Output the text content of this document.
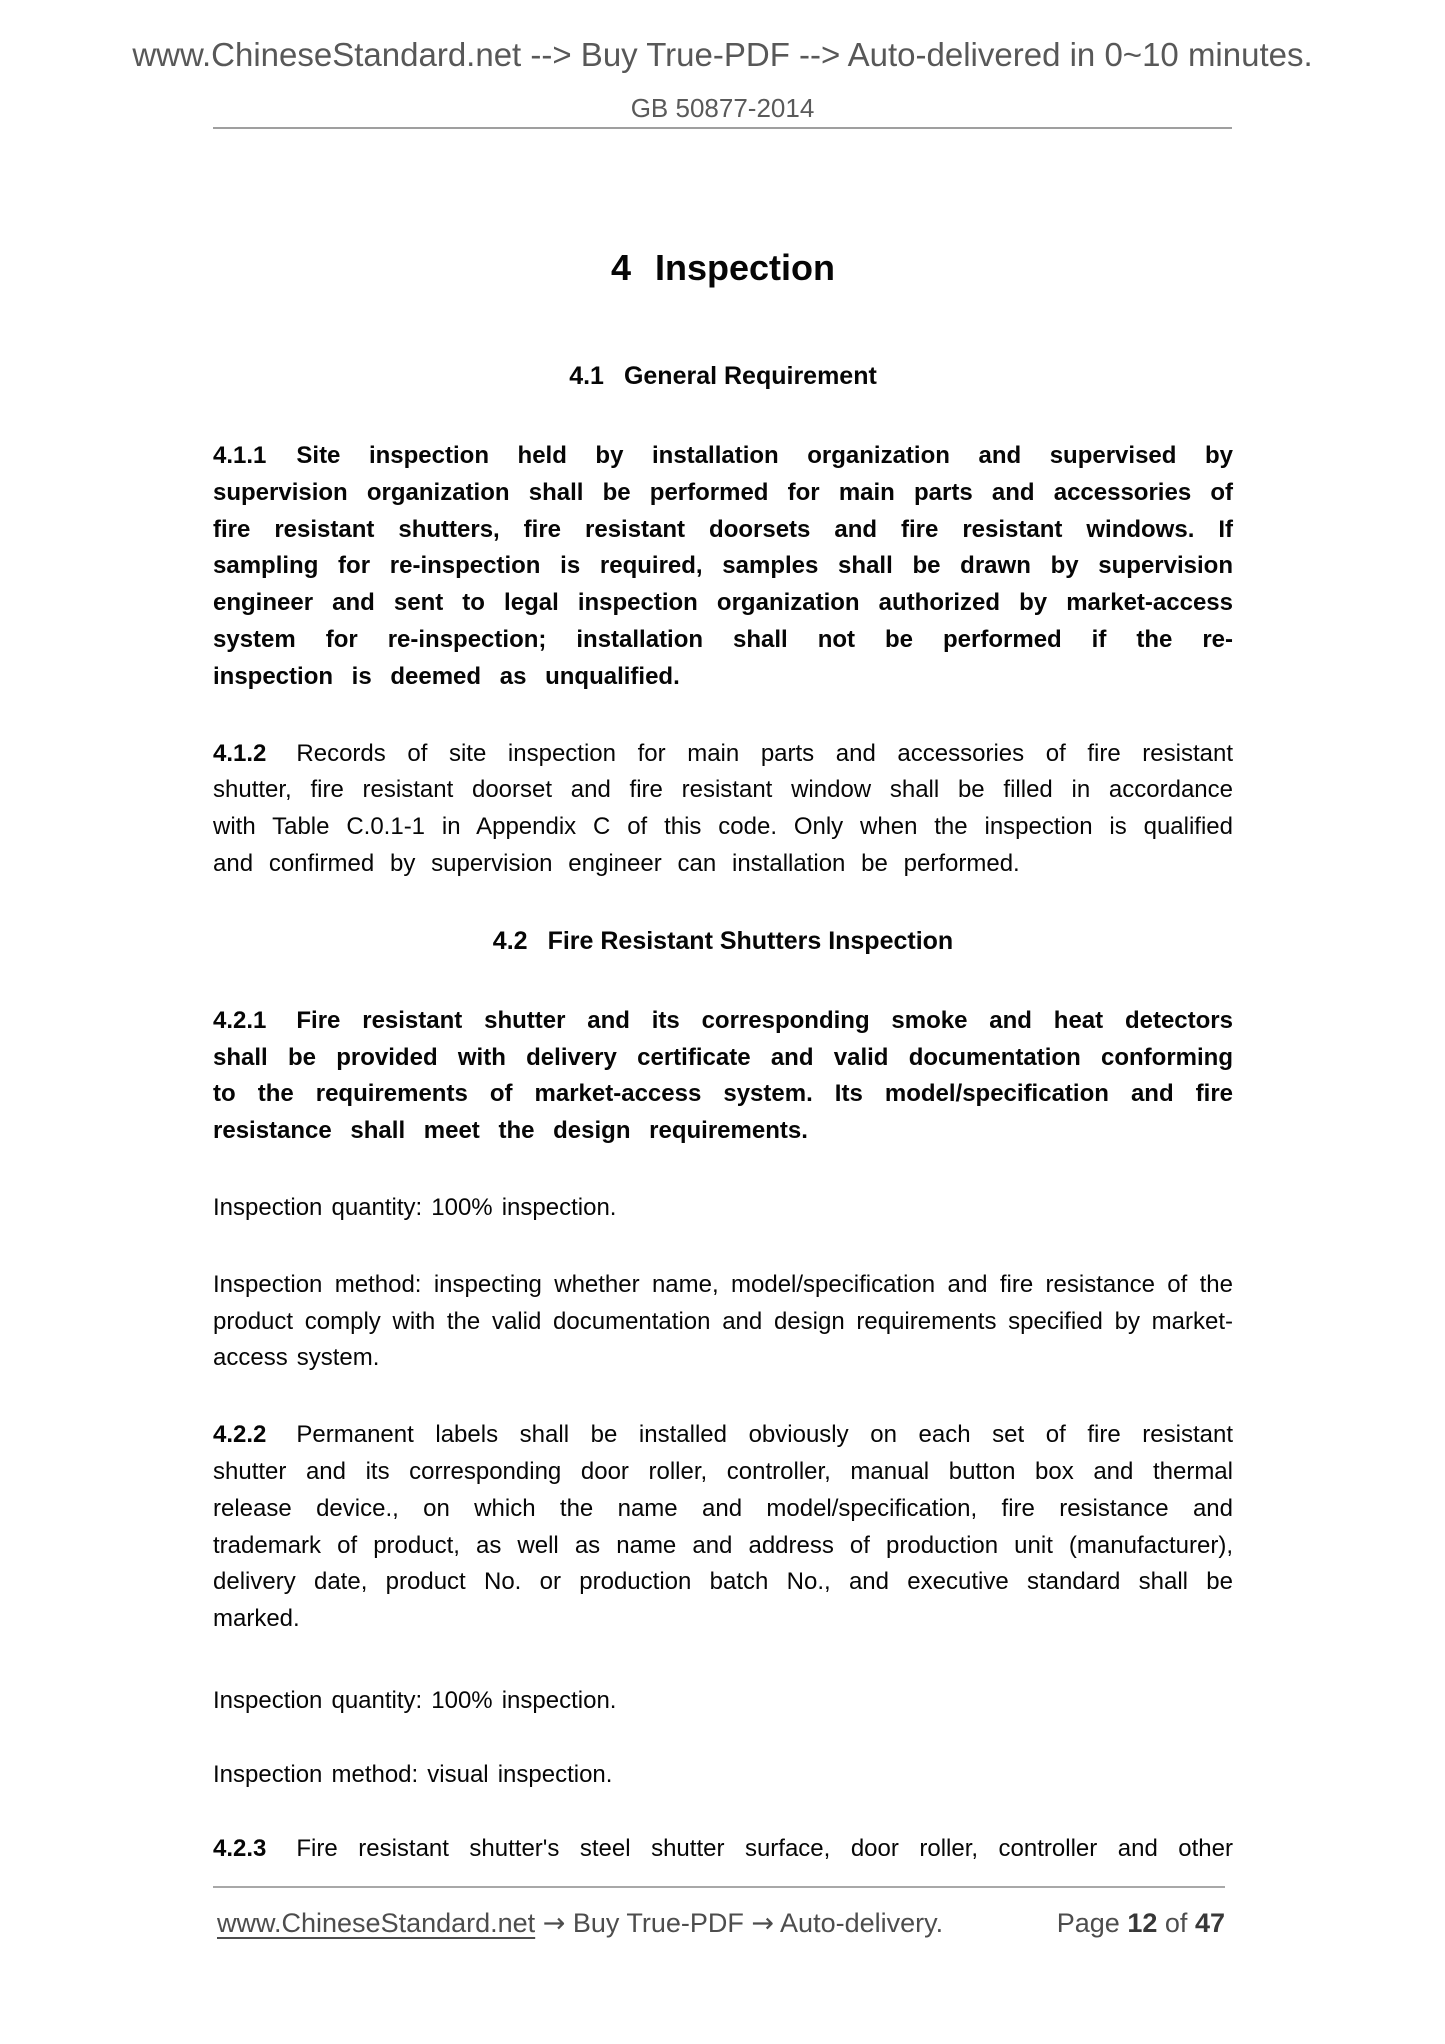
www.ChineseStandard.net --> Buy True-PDF --> Auto-delivered in 0~10 minutes.
GB 50877-2014
4 Inspection
4.1 General Requirement

4.1.1 Site inspection held by installation organization and supervised by supervision organization shall be performed for main parts and accessories of fire resistant shutters, fire resistant doorsets and fire resistant windows. If sampling for re-inspection is required, samples shall be drawn by supervision engineer and sent to legal inspection organization authorized by market-access system for re-inspection; installation shall not be performed if the re-inspection is deemed as unqualified.

4.1.2 Records of site inspection for main parts and accessories of fire resistant shutter, fire resistant doorset and fire resistant window shall be filled in accordance with Table C.0.1-1 in Appendix C of this code. Only when the inspection is qualified and confirmed by supervision engineer can installation be performed.

4.2 Fire Resistant Shutters Inspection

4.2.1 Fire resistant shutter and its corresponding smoke and heat detectors shall be provided with delivery certificate and valid documentation conforming to the requirements of market-access system. Its model/specification and fire resistance shall meet the design requirements.

Inspection quantity: 100% inspection.

Inspection method: inspecting whether name, model/specification and fire resistance of the product comply with the valid documentation and design requirements specified by market-access system.

4.2.2 Permanent labels shall be installed obviously on each set of fire resistant shutter and its corresponding door roller, controller, manual button box and thermal release device., on which the name and model/specification, fire resistance and trademark of product, as well as name and address of production unit (manufacturer), delivery date, product No. or production batch No., and executive standard shall be marked.

Inspection quantity: 100% inspection.

Inspection method: visual inspection.

4.2.3 Fire resistant shutter's steel shutter surface, door roller, controller and other

www.ChineseStandard.net → Buy True-PDF → Auto-delivery.	Page 12 of 47
